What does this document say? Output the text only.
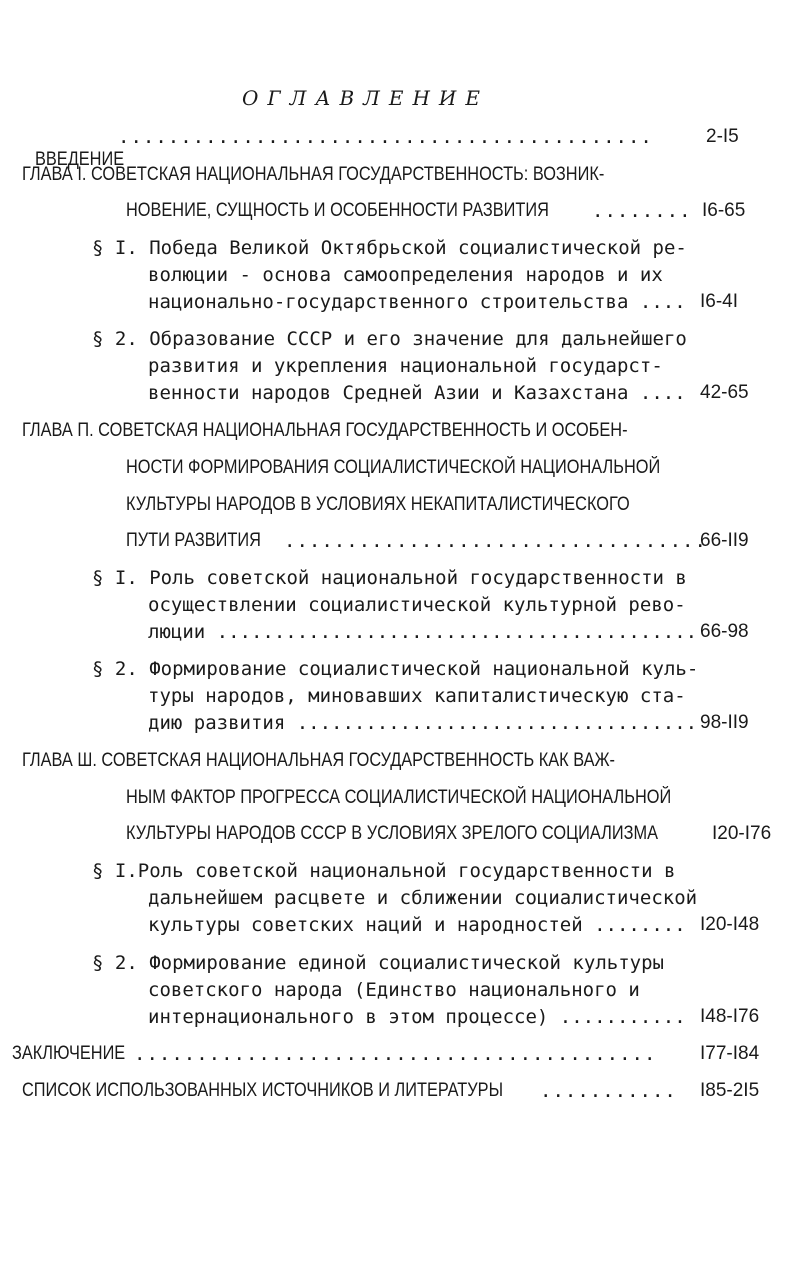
ОГЛАВЛЕНИЕ

ВВЕДЕНИЕ

...........................................	2-I5
ГЛАВА I. СОВЕТСКАЯ НАЦИОНАЛЬНАЯ ГОСУДАРСТВЕННОСТЬ: ВОЗНИК-
НОВЕНИЕ, СУЩНОСТЬ И ОСОБЕННОСТИ РАЗВИТИЯ ........ I6-65
§ I. Победа Великой Октябрьской социалистической ре-
волюции - основа самоопределения народов и их
национально-государственного строительства .... I6-4I
§ 2. Образование СССР и его значение для дальнейшего
развития и укрепления национальной государст-
венности народов Средней Азии и Казахстана .... 42-65
ГЛАВА П. СОВЕТСКАЯ НАЦИОНАЛЬНАЯ ГОСУДАРСТВЕННОСТЬ И ОСОБЕН-
НОСТИ ФОРМИРОВАНИЯ СОЦИАЛИСТИЧЕСКОЙ НАЦИОНАЛЬНОЙ
КУЛЬТУРЫ НАРОДОВ В УСЛОВИЯХ НЕКАПИТАЛИСТИЧЕСКОГО
ПУТИ РАЗВИТИЯ ..................................
66-II9
§ I. Роль советской национальной государственности в
осуществлении социалистической культурной рево-
люции .......................................... 66-98
§ 2. Формирование социалистической национальной куль-
туры народов, миновавших капиталистическую ста-
дию развития ................................... 98-II9
ГЛАВА Ш. СОВЕТСКАЯ НАЦИОНАЛЬНАЯ ГОСУДАРСТВЕННОСТЬ КАК ВАЖ-
НЫМ ФАКТОР ПРОГРЕССА СОЦИАЛИСТИЧЕСКОЙ НАЦИОНАЛЬНОЙ
КУЛЬТУРЫ НАРОДОВ СССР В УСЛОВИЯХ ЗРЕЛОГО СОЦИАЛИЗМА	I20-I76
§ I.Роль советской национальной государственности в
дальнейшем расцвете и сближении социалистической
культуры советских наций и народностей ........ I20-I48
§ 2. Формирование единой социалистической культуры
советского народа (Единство национального и
интернационального в этом процессе) ........... I48-I76
ЗАКЛЮЧЕНИЕ .......................................... I77-I84
СПИСОК ИСПОЛЬЗОВАННЫХ ИСТОЧНИКОВ И ЛИТЕРАТУРЫ ........... I85-2I5
